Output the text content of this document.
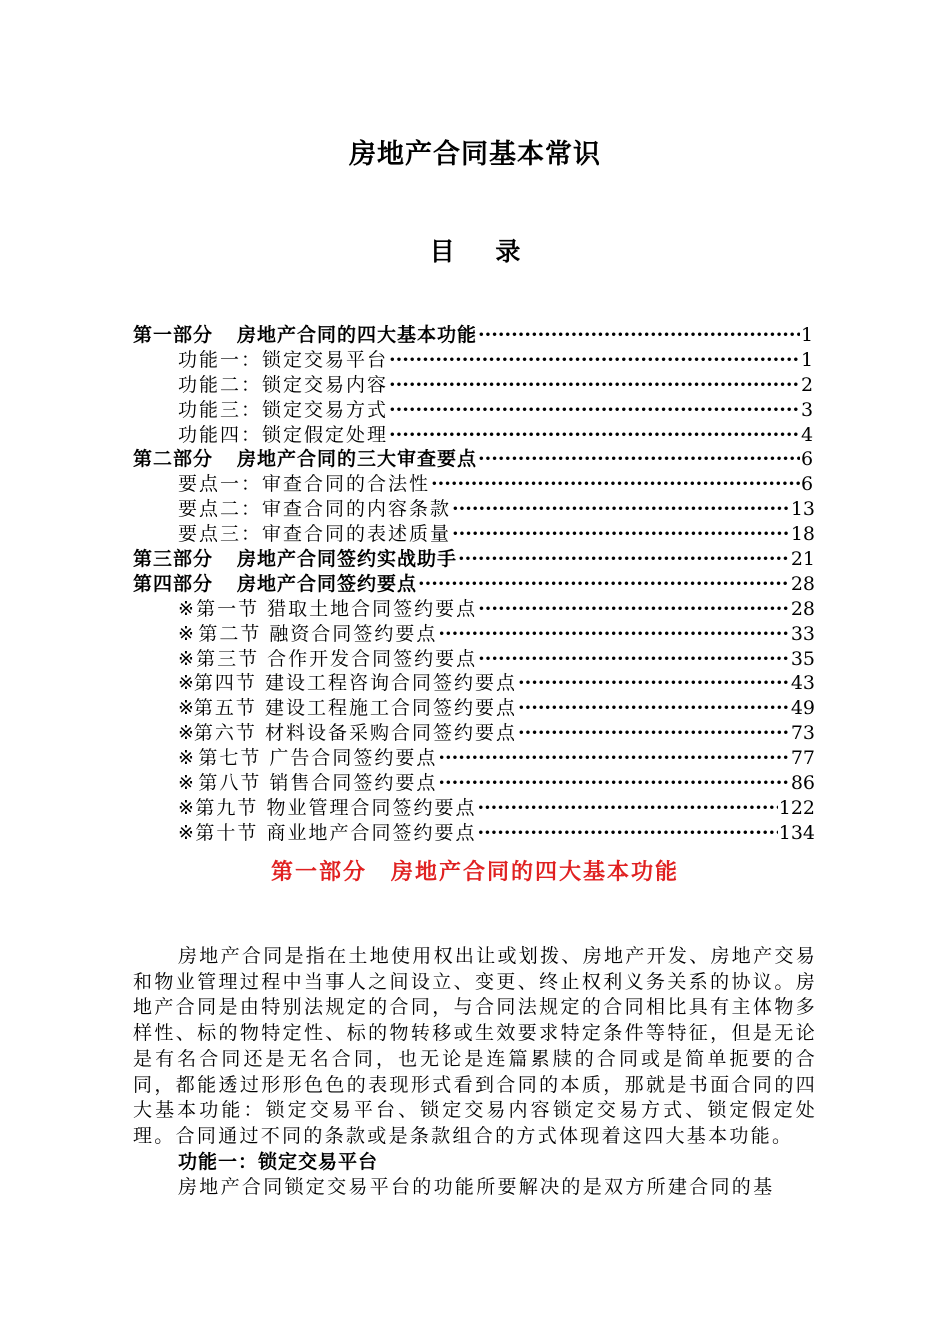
房地产合同基本常识
目 录
第一部分 房地产合同的四大基本功能 ·····	1
功能一：锁定交易平台 ·····	1
功能二：锁定交易内容 ·····	2
功能三：锁定交易方式 ·····	3
功能四：锁定假定处理 ·····	4
第二部分 房地产合同的三大审查要点 ·····	6
要点一：审查合同的合法性 ·····	6
要点二：审查合同的内容条款 ·····	13
要点三：审查合同的表述质量 ·····	18
第三部分 房地产合同签约实战助手 ·····	21
第四部分 房地产合同签约要点 ·····	28
※ 第一节 猎取土地合同签约要点 ·····	28
※ 第二节 融资合同签约要点 ·····	33
※ 第三节 合作开发合同签约要点 ·····	35
※ 第四节 建设工程咨询合同签约要点 ·····	43
※ 第五节 建设工程施工合同签约要点 ·····	49
※ 第六节 材料设备采购合同签约要点 ·····	73
※ 第七节 广告合同签约要点 ·····	77
※ 第八节 销售合同签约要点 ·····	86
※ 第九节 物业管理合同签约要点 ·····	122
※ 第十节 商业地产合同签约要点 ·····	134
第一部分　房地产合同的四大基本功能

房地产合同是指在土地使用权出让或划拨、房地产开发、房地产交易和物业管理过程中当事人之间设立、变更、终止权利义务关系的协议。房地产合同是由特别法规定的合同，与合同法规定的合同相比具有主体物多样性、标的物特定性、标的物转移或生效要求特定条件等特征，但是无论是有名合同还是无名合同，也无论是连篇累牍的合同或是简单扼要的合同，都能透过形形色色的表现形式看到合同的本质，那就是书面合同的四大基本功能：锁定交易平台、锁定交易内容锁定交易方式、锁定假定处理。合同通过不同的条款或是条款组合的方式体现着这四大基本功能。

功能一：锁定交易平台

房地产合同锁定交易平台的功能所要解决的是双方所建合同的基
